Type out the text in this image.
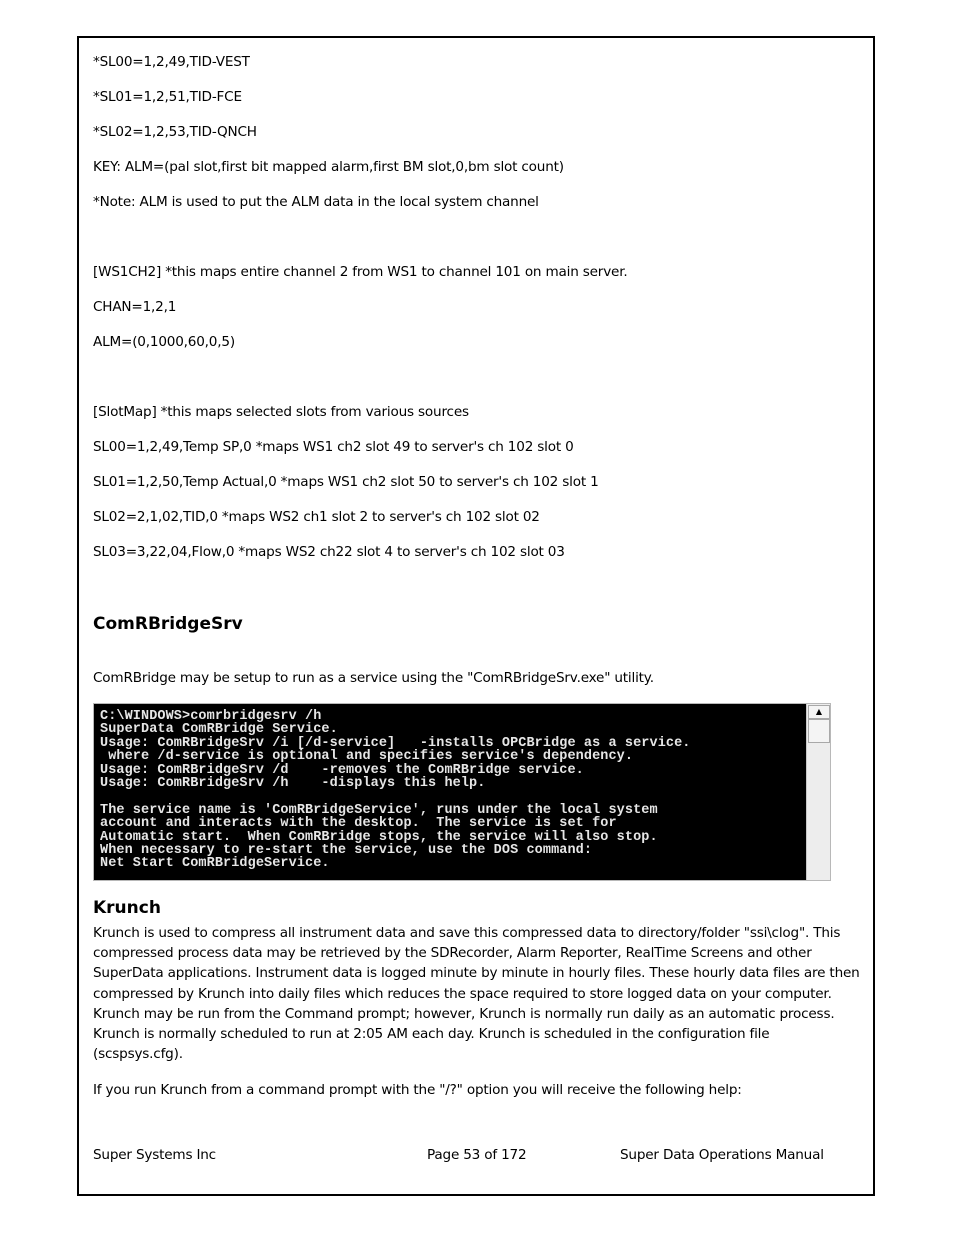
*SL00=1,2,49,TID-VEST
*SL01=1,2,51,TID-FCE
*SL02=1,2,53,TID-QNCH
KEY: ALM=(pal slot,first bit mapped alarm,first BM slot,0,bm slot count)
*Note: ALM is used to put the ALM data in the local system channel
[WS1CH2] *this maps entire channel 2 from WS1 to channel 101 on main server.
CHAN=1,2,1
ALM=(0,1000,60,0,5)
[SlotMap] *this maps selected slots from various sources
SL00=1,2,49,Temp SP,0 *maps WS1 ch2 slot 49 to server's ch 102 slot 0
SL01=1,2,50,Temp Actual,0 *maps WS1 ch2 slot 50 to server's ch 102 slot 1
SL02=2,1,02,TID,0 *maps WS2 ch1 slot 2 to server's ch 102 slot 02
SL03=3,22,04,Flow,0 *maps WS2 ch22 slot 4 to server's ch 102 slot 03
ComRBridgeSrv
ComRBridge may be setup to run as a service using the "ComRBridgeSrv.exe" utility.
C:\WINDOWS>comrbridgesrv /h
SuperData ComRBridge Service.
Usage: ComRBridgeSrv /i [/d-service]   -installs OPCBridge as a service.
where /d-service is optional and specifies service's dependency.
Usage: ComRBridgeSrv /d    -removes the ComRBridge service.
Usage: ComRBridgeSrv /h    -displays this help.

The service name is 'ComRBridgeService', runs under the local system
account and interacts with the desktop.  The service is set for
Automatic start.  When ComRBridge stops, the service will also stop.
When necessary to re-start the service, use the DOS command:
Net Start ComRBridgeService.
▲
Krunch
Krunch is used to compress all instrument data and save this compressed data to directory/folder "ssi\clog". This compressed process data may be retrieved by the SDRecorder, Alarm Reporter, RealTime Screens and other SuperData applications. Instrument data is logged minute by minute in hourly files. These hourly data files are then compressed by Krunch into daily files which reduces the space required to store logged data on your computer. Krunch may be run from the Command prompt; however, Krunch is normally run daily as an automatic process. Krunch is normally scheduled to run at 2:05 AM each day. Krunch is scheduled in the configuration file (scspsys.cfg).
If you run Krunch from a command prompt with the "/?" option you will receive the following help:
Super Systems Inc	Page 53 of 172	Super Data Operations Manual
